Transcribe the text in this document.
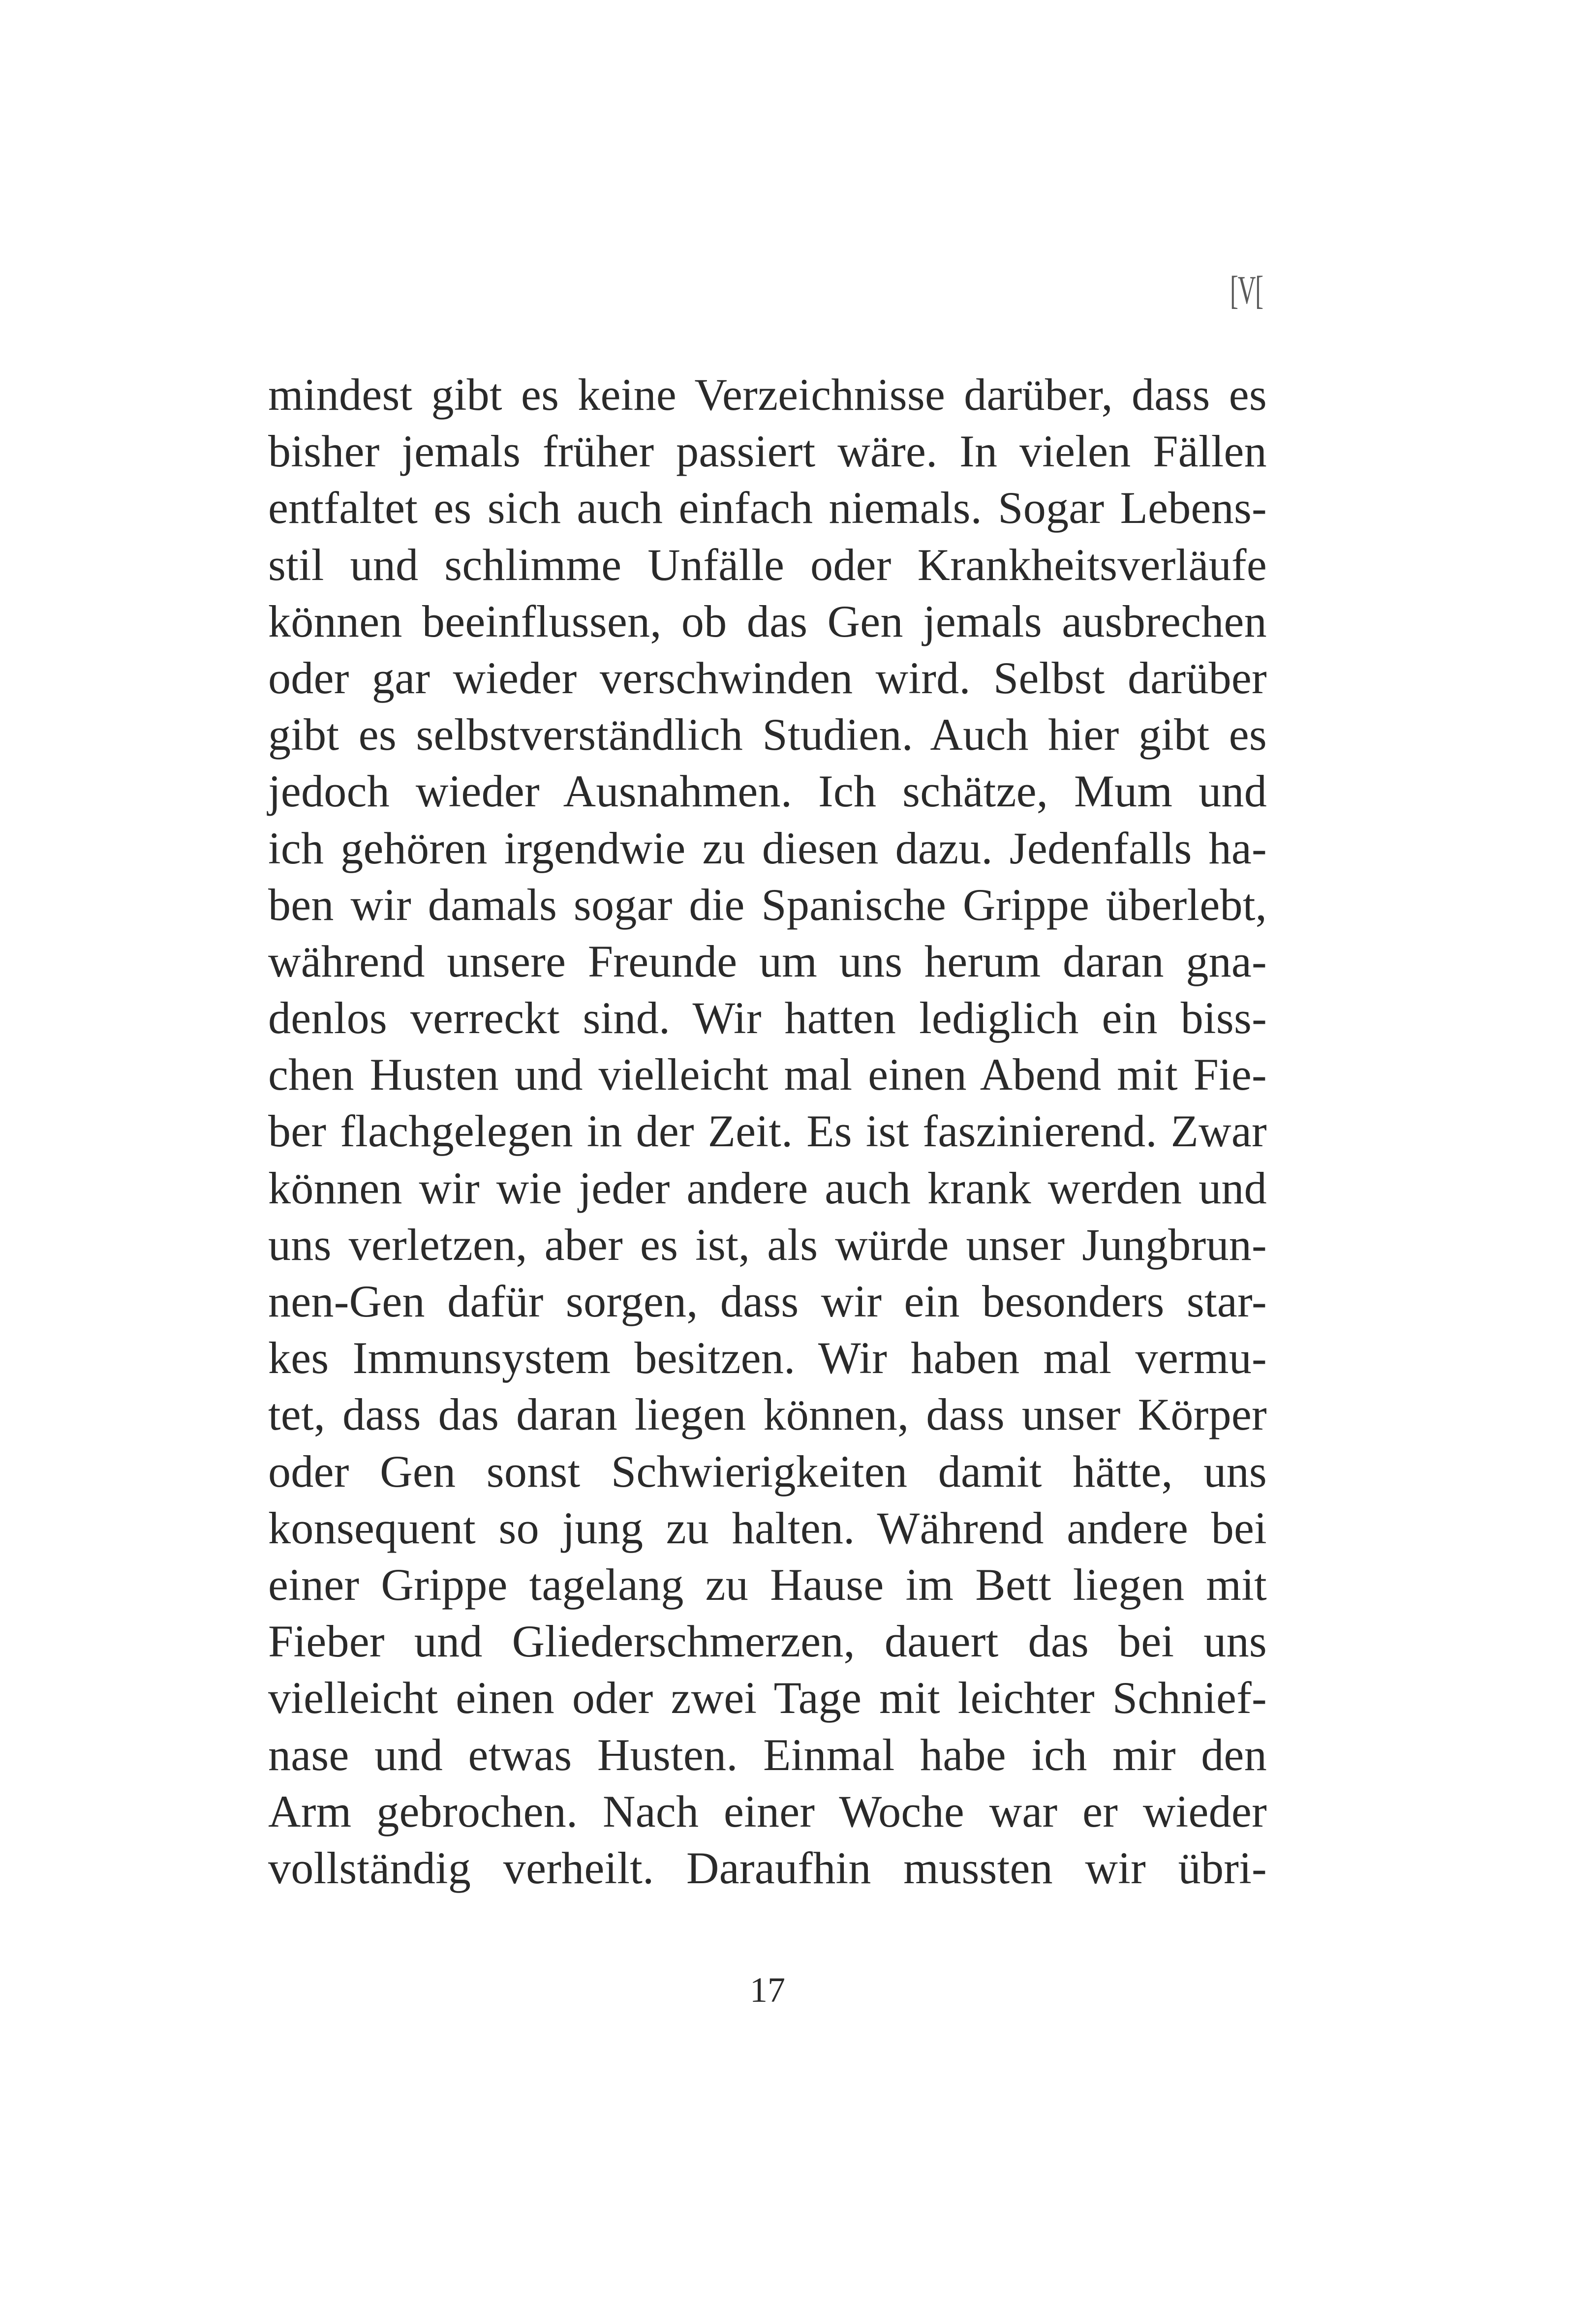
[V[
mindest gibt es keine Verzeichnisse darüber, dass es
bisher jemals früher passiert wäre. In vielen Fällen
entfaltet es sich auch einfach niemals. Sogar Lebens-
stil und schlimme Unfälle oder Krankheitsverläufe
können beeinflussen, ob das Gen jemals ausbrechen
oder gar wieder verschwinden wird. Selbst darüber
gibt es selbstverständlich Studien. Auch hier gibt es
jedoch wieder Ausnahmen. Ich schätze, Mum und
ich gehören irgendwie zu diesen dazu. Jedenfalls ha-
ben wir damals sogar die Spanische Grippe überlebt,
während unsere Freunde um uns herum daran gna-
denlos verreckt sind. Wir hatten lediglich ein biss-
chen Husten und vielleicht mal einen Abend mit Fie-
ber flachgelegen in der Zeit. Es ist faszinierend. Zwar
können wir wie jeder andere auch krank werden und
uns verletzen, aber es ist, als würde unser Jungbrun-
nen-Gen dafür sorgen, dass wir ein besonders star-
kes Immunsystem besitzen. Wir haben mal vermu-
tet, dass das daran liegen können, dass unser Körper
oder Gen sonst Schwierigkeiten damit hätte, uns
konsequent so jung zu halten. Während andere bei
einer Grippe tagelang zu Hause im Bett liegen mit
Fieber und Gliederschmerzen, dauert das bei uns
vielleicht einen oder zwei Tage mit leichter Schnief-
nase und etwas Husten. Einmal habe ich mir den
Arm gebrochen. Nach einer Woche war er wieder
vollständig verheilt. Daraufhin mussten wir übri-
17
